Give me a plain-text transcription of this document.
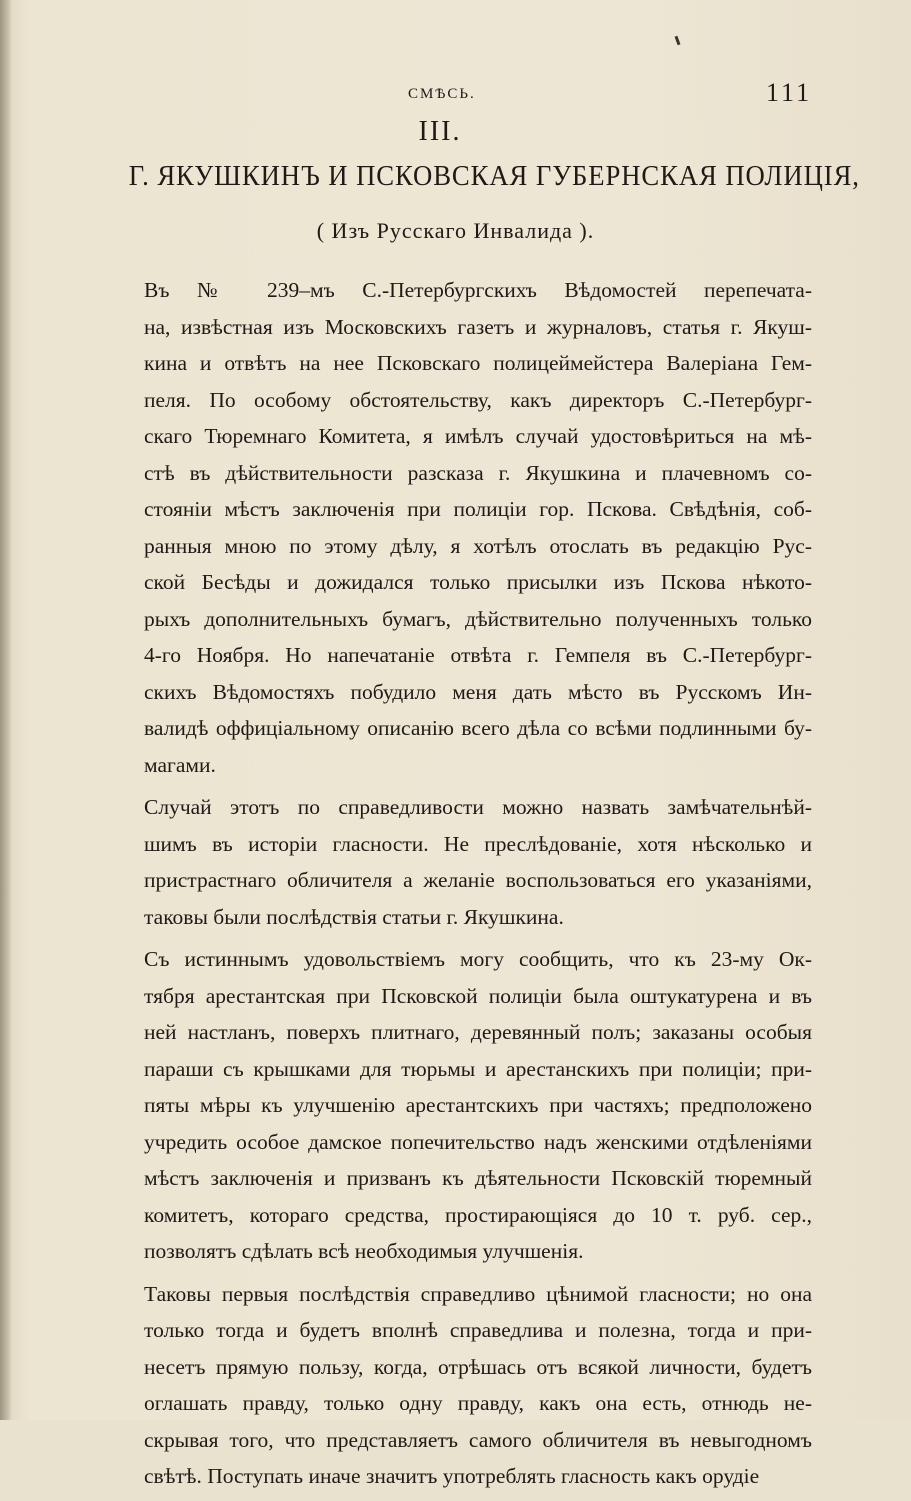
СМѢСЬ.	111
III.
Г. ЯКУШКИНЪ И ПСКОВСКАЯ ГУБЕРНСКАЯ ПОЛИЦІЯ,
( Изъ Русскаго Инвалида ).
Въ № 239–мъ С.-Петербургскихъ Вѣдомостей перепечата-
на, извѣстная изъ Московскихъ газетъ и журналовъ, статья г. Якуш-
кина и отвѣтъ на нее Псковскаго полицеймейстера Валеріана Гем-
пеля. По особому обстоятельству, какъ директоръ С.-Петербург-
скаго Тюремнаго Комитета, я имѣлъ случай удостовѣриться на мѣ-
стѣ въ дѣйствительности разсказа г. Якушкина и плачевномъ со-
стояніи мѣстъ заключенія при полиціи гор. Пскова. Свѣдѣнія, соб-
ранныя мною по этому дѣлу, я хотѣлъ отослать въ редакцію Рус-
ской Бесѣды и дожидался только присылки изъ Пскова нѣкото-
рыхъ дополнительныхъ бумагъ, дѣйствительно полученныхъ только
4-го Ноября. Но напечатаніе отвѣта г. Гемпеля въ С.-Петербург-
скихъ Вѣдомостяхъ побудило меня дать мѣсто въ Русскомъ Ин-
валидѣ оффиціальному описанію всего дѣла со всѣми подлинными бу-
магами.
Случай этотъ по справедливости можно назвать замѣчательнѣй-
шимъ въ исторіи гласности. Не преслѣдованіе, хотя нѣсколько и
пристрастнаго обличителя а желаніе воспользоваться его указаніями,
таковы были послѣдствія статьи г. Якушкина.
Съ истиннымъ удовольствіемъ могу сообщить, что къ 23-му Ок-
тября арестантская при Псковской полиціи была оштукатурена и въ
ней настланъ, поверхъ плитнаго, деревянный полъ; заказаны особыя
параши съ крышками для тюрьмы и арестанскихъ при полиціи; при-
пяты мѣры къ улучшенію арестантскихъ при частяхъ; предположено
учредить особое дамское попечительство надъ женскими отдѣленіями
мѣстъ заключенія и призванъ къ дѣятельности Псковскій тюремный
комитетъ, котораго средства, простирающіяся до 10 т. руб. сер.,
позволятъ сдѣлать всѣ необходимыя улучшенія.
Таковы первыя послѣдствія справедливо цѣнимой гласности; но она
только тогда и будетъ вполнѣ справедлива и полезна, тогда и при-
несетъ прямую пользу, когда, отрѣшась отъ всякой личности, будетъ
оглашать правду, только одну правду, какъ она есть, отнюдь не-
скрывая того, что представляетъ самого обличителя въ невыгодномъ
свѣтѣ. Поступать иначе значитъ употреблять гласность какъ орудіе
